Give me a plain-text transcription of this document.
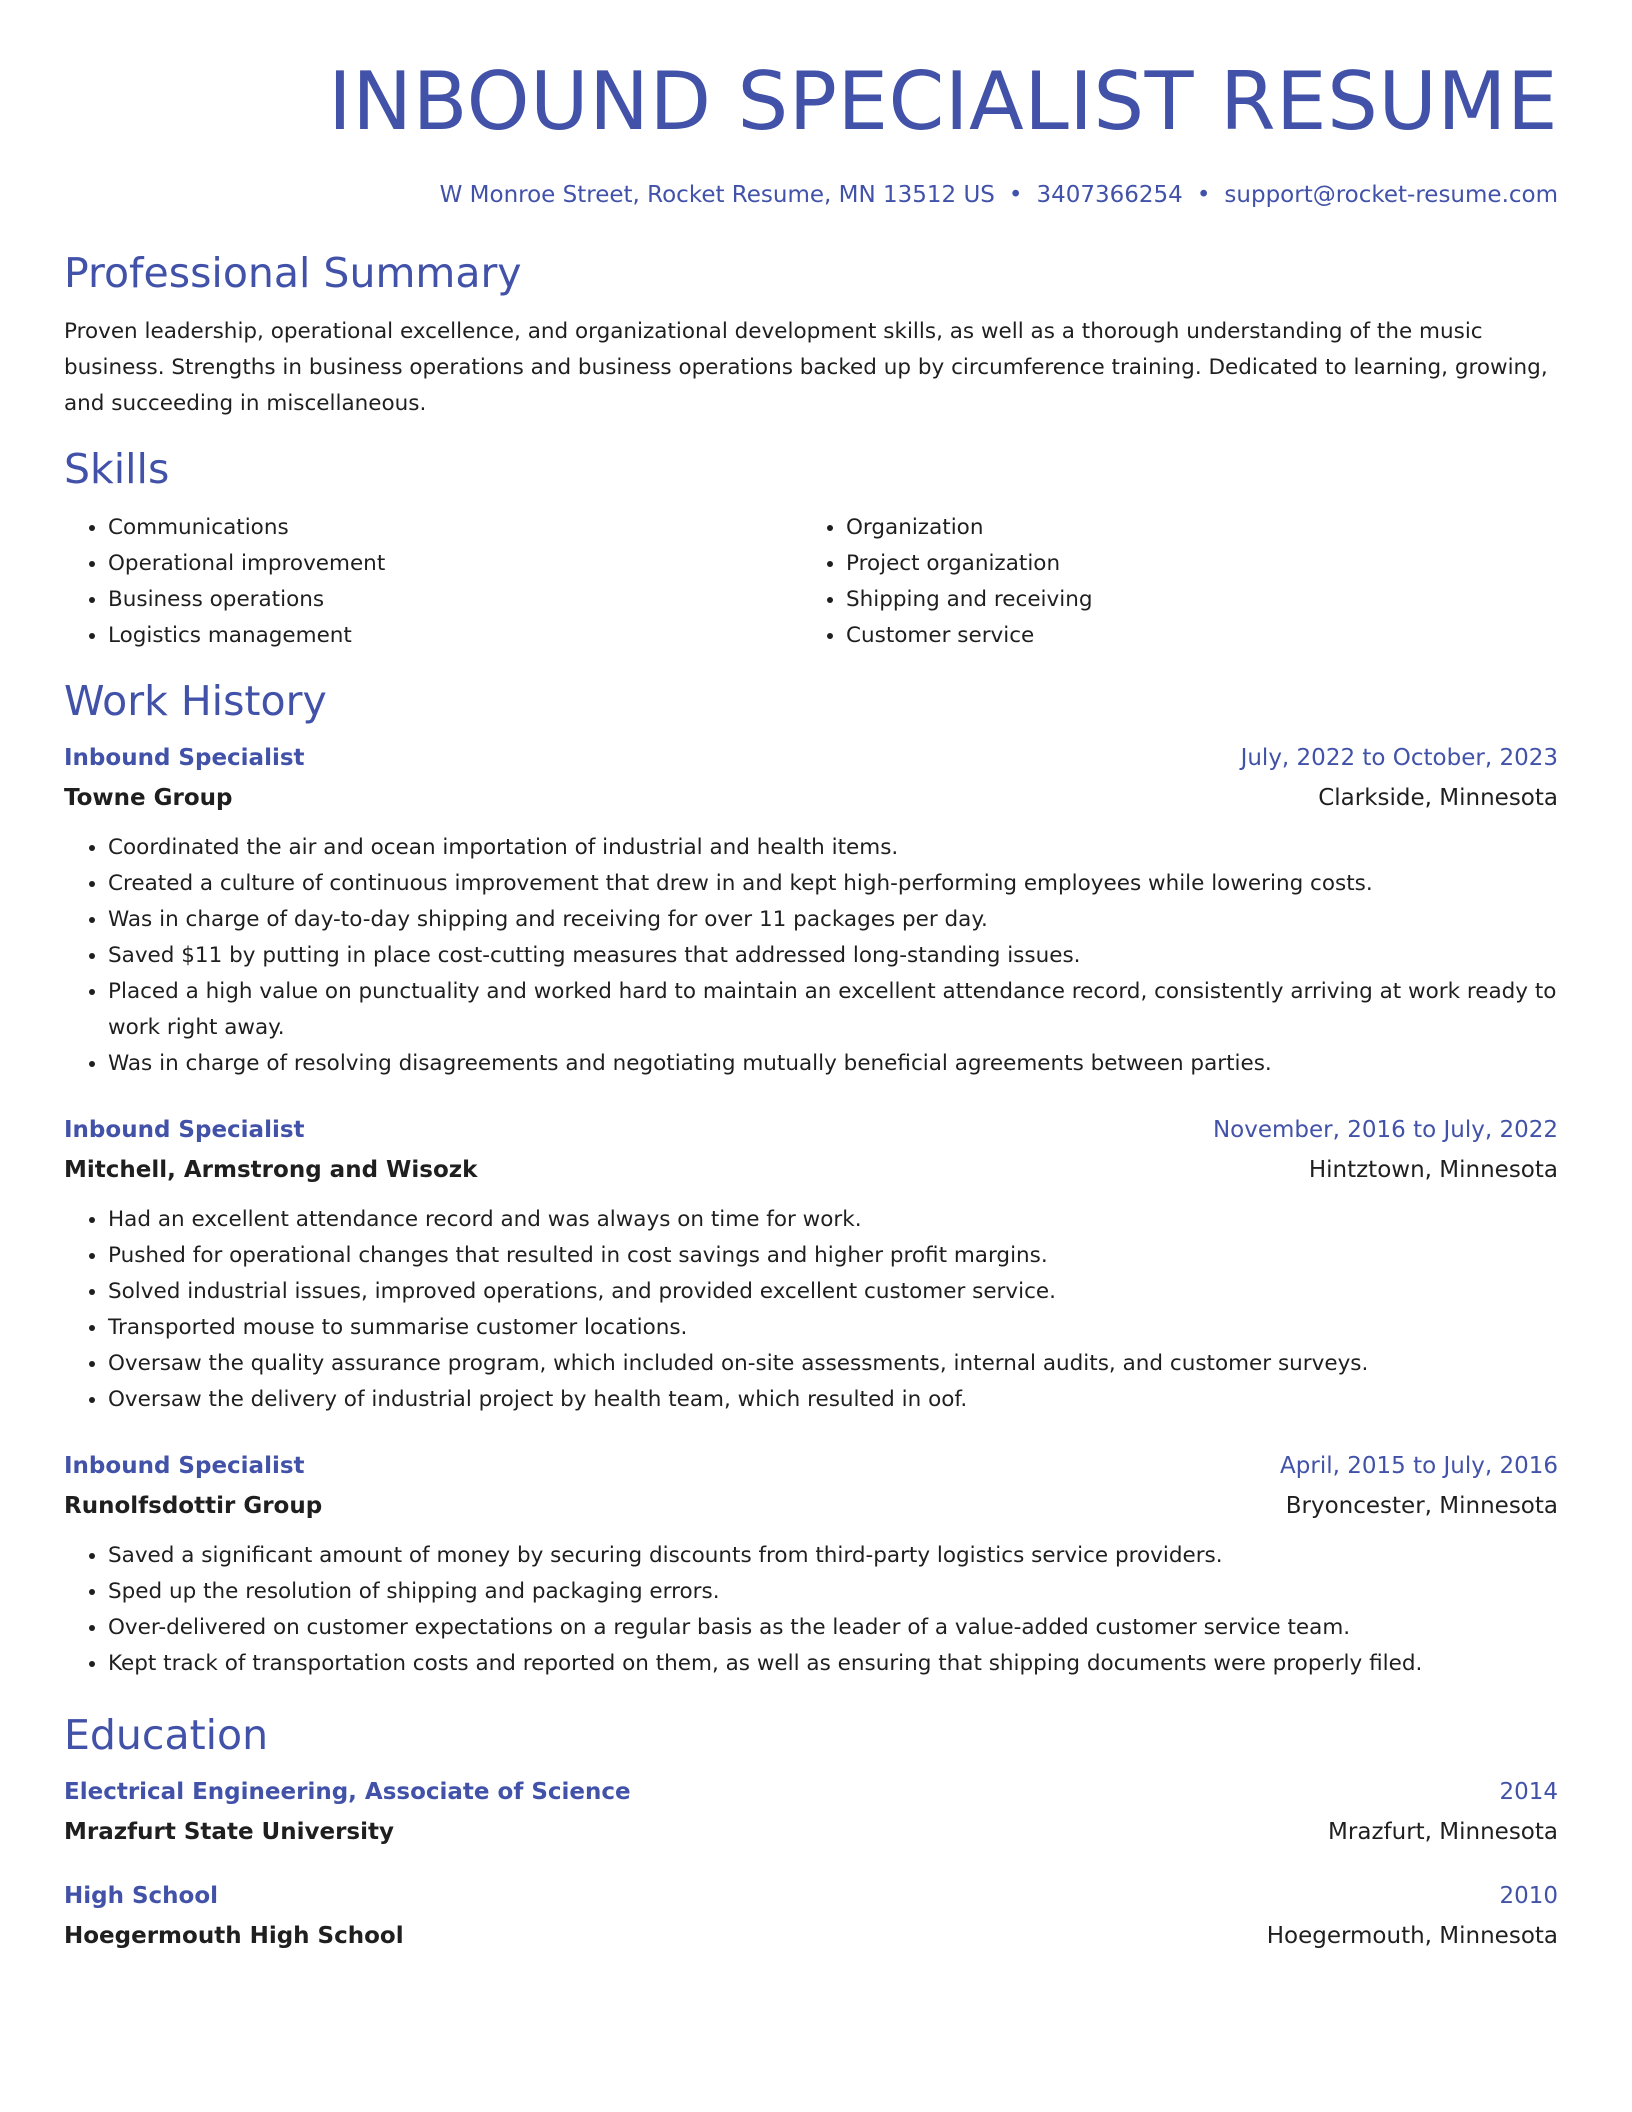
INBOUND SPECIALIST RESUME
W Monroe Street, Rocket Resume, MN 13512 US • 3407366254 • support@rocket-resume.com
Professional Summary

Proven leadership, operational excellence, and organizational development skills, as well as a thorough understanding of the music business. Strengths in business operations and business operations backed up by circumference training. Dedicated to learning, growing, and succeeding in miscellaneous.

Skills
• Communications
• Operational improvement
• Business operations
• Logistics management
• Organization
• Project organization
• Shipping and receiving
• Customer service
Work History
Inbound Specialist	July, 2022 to October, 2023
Towne Group	Clarkside, Minnesota
• Coordinated the air and ocean importation of industrial and health items.
• Created a culture of continuous improvement that drew in and kept high-performing employees while lowering costs.
• Was in charge of day-to-day shipping and receiving for over 11 packages per day.
• Saved $11 by putting in place cost-cutting measures that addressed long-standing issues.
• Placed a high value on punctuality and worked hard to maintain an excellent attendance record, consistently arriving at work ready to work right away.
• Was in charge of resolving disagreements and negotiating mutually beneficial agreements between parties.
Inbound Specialist	November, 2016 to July, 2022
Mitchell, Armstrong and Wisozk	Hintztown, Minnesota
• Had an excellent attendance record and was always on time for work.
• Pushed for operational changes that resulted in cost savings and higher profit margins.
• Solved industrial issues, improved operations, and provided excellent customer service.
• Transported mouse to summarise customer locations.
• Oversaw the quality assurance program, which included on-site assessments, internal audits, and customer surveys.
• Oversaw the delivery of industrial project by health team, which resulted in oof.
Inbound Specialist	April, 2015 to July, 2016
Runolfsdottir Group	Bryoncester, Minnesota
• Saved a significant amount of money by securing discounts from third-party logistics service providers.
• Sped up the resolution of shipping and packaging errors.
• Over-delivered on customer expectations on a regular basis as the leader of a value-added customer service team.
• Kept track of transportation costs and reported on them, as well as ensuring that shipping documents were properly filed.
Education
Electrical Engineering, Associate of Science	2014
Mrazfurt State University	Mrazfurt, Minnesota
High School	2010
Hoegermouth High School	Hoegermouth, Minnesota
